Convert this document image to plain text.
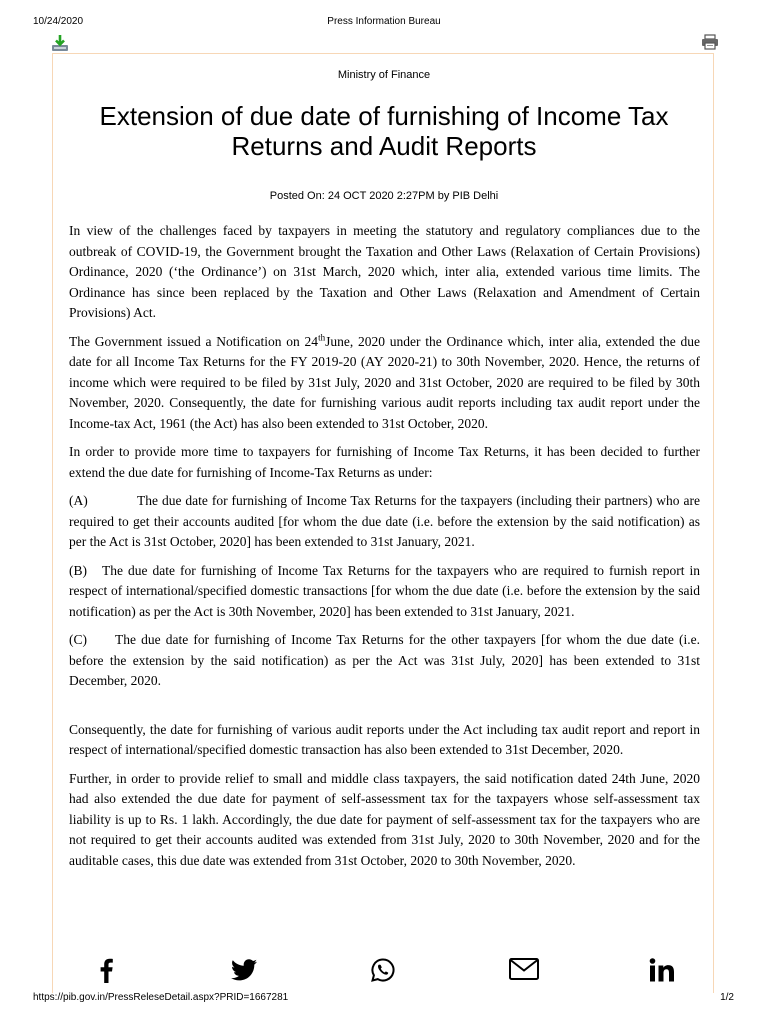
10/24/2020	Press Information Bureau
Ministry of Finance
Extension of due date of furnishing of Income Tax Returns and Audit Reports
Posted On: 24 OCT 2020 2:27PM by PIB Delhi

In view of the challenges faced by taxpayers in meeting the statutory and regulatory compliances due to the outbreak of COVID-19, the Government brought the Taxation and Other Laws (Relaxation of Certain Provisions) Ordinance, 2020 (‘the Ordinance’) on 31st March, 2020 which, inter alia, extended various time limits. The Ordinance has since been replaced by the Taxation and Other Laws (Relaxation and Amendment of Certain Provisions) Act.

The Government issued a Notification on 24thJune, 2020 under the Ordinance which, inter alia, extended the due date for all Income Tax Returns for the FY 2019-20 (AY 2020-21) to 30th November, 2020. Hence, the returns of income which were required to be filed by 31st July, 2020 and 31st October, 2020 are required to be filed by 30th November, 2020. Consequently, the date for furnishing various audit reports including tax audit report under the Income-tax Act, 1961 (the Act) has also been extended to 31st October, 2020.

In order to provide more time to taxpayers for furnishing of Income Tax Returns, it has been decided to further extend the due date for furnishing of Income-Tax Returns as under:

(A)	The due date for furnishing of Income Tax Returns for the taxpayers (including their partners) who are required to get their accounts audited [for whom the due date (i.e. before the extension by the said notification) as per the Act is 31st October, 2020] has been extended to 31st January, 2021.

(B) The due date for furnishing of Income Tax Returns for the taxpayers who are required to furnish report in respect of international/specified domestic transactions [for whom the due date (i.e. before the extension by the said notification) as per the Act is 30th November, 2020] has been extended to 31st January, 2021.

(C) The due date for furnishing of Income Tax Returns for the other taxpayers [for whom the due date (i.e. before the extension by the said notification) as per the Act was 31st July, 2020] has been extended to 31st December, 2020.

Consequently, the date for furnishing of various audit reports under the Act including tax audit report and report in respect of international/specified domestic transaction has also been extended to 31st December, 2020.

Further, in order to provide relief to small and middle class taxpayers, the said notification dated 24th June, 2020 had also extended the due date for payment of self-assessment tax for the taxpayers whose self-assessment tax liability is up to Rs. 1 lakh. Accordingly, the due date for payment of self-assessment tax for the taxpayers who are not required to get their accounts audited was extended from 31st July, 2020 to 30th November, 2020 and for the auditable cases, this due date was extended from 31st October, 2020 to 30th November, 2020.

https://pib.gov.in/PressReleseDetail.aspx?PRID=1667281	1/2
